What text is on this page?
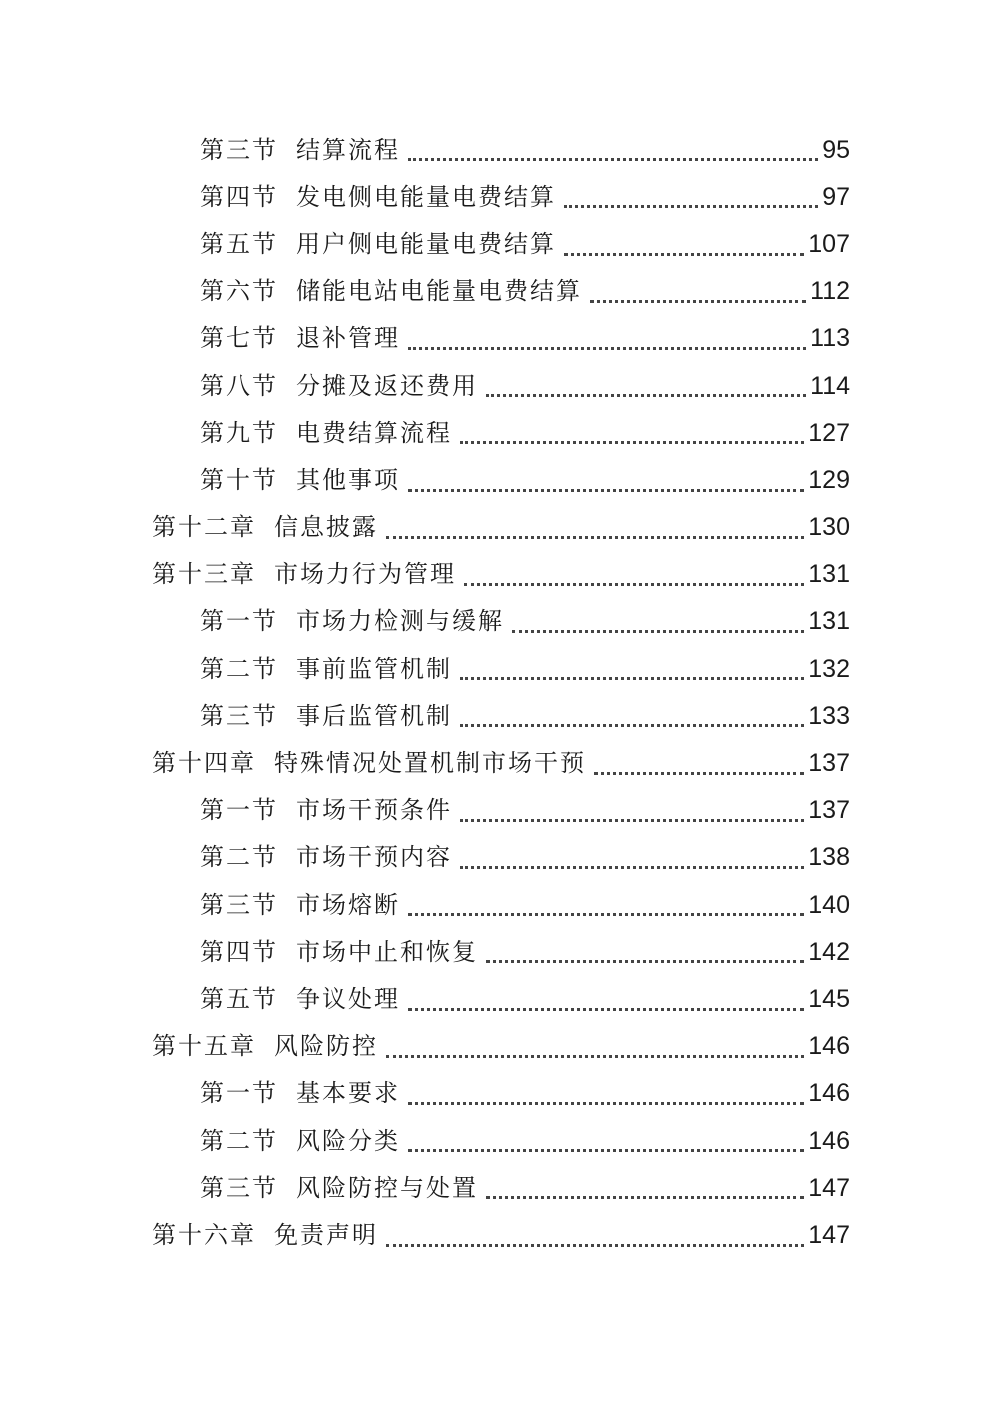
第三节 结算流程	95
第四节 发电侧电能量电费结算	97
第五节 用户侧电能量电费结算	107
第六节 储能电站电能量电费结算	112
第七节 退补管理	113
第八节 分摊及返还费用	114
第九节 电费结算流程	127
第十节 其他事项	129
第十二章 信息披露	130
第十三章 市场力行为管理	131
第一节 市场力检测与缓解	131
第二节 事前监管机制	132
第三节 事后监管机制	133
第十四章 特殊情况处置机制市场干预	137
第一节 市场干预条件	137
第二节 市场干预内容	138
第三节 市场熔断	140
第四节 市场中止和恢复	142
第五节 争议处理	145
第十五章 风险防控	146
第一节 基本要求	146
第二节 风险分类	146
第三节 风险防控与处置	147
第十六章 免责声明	147
